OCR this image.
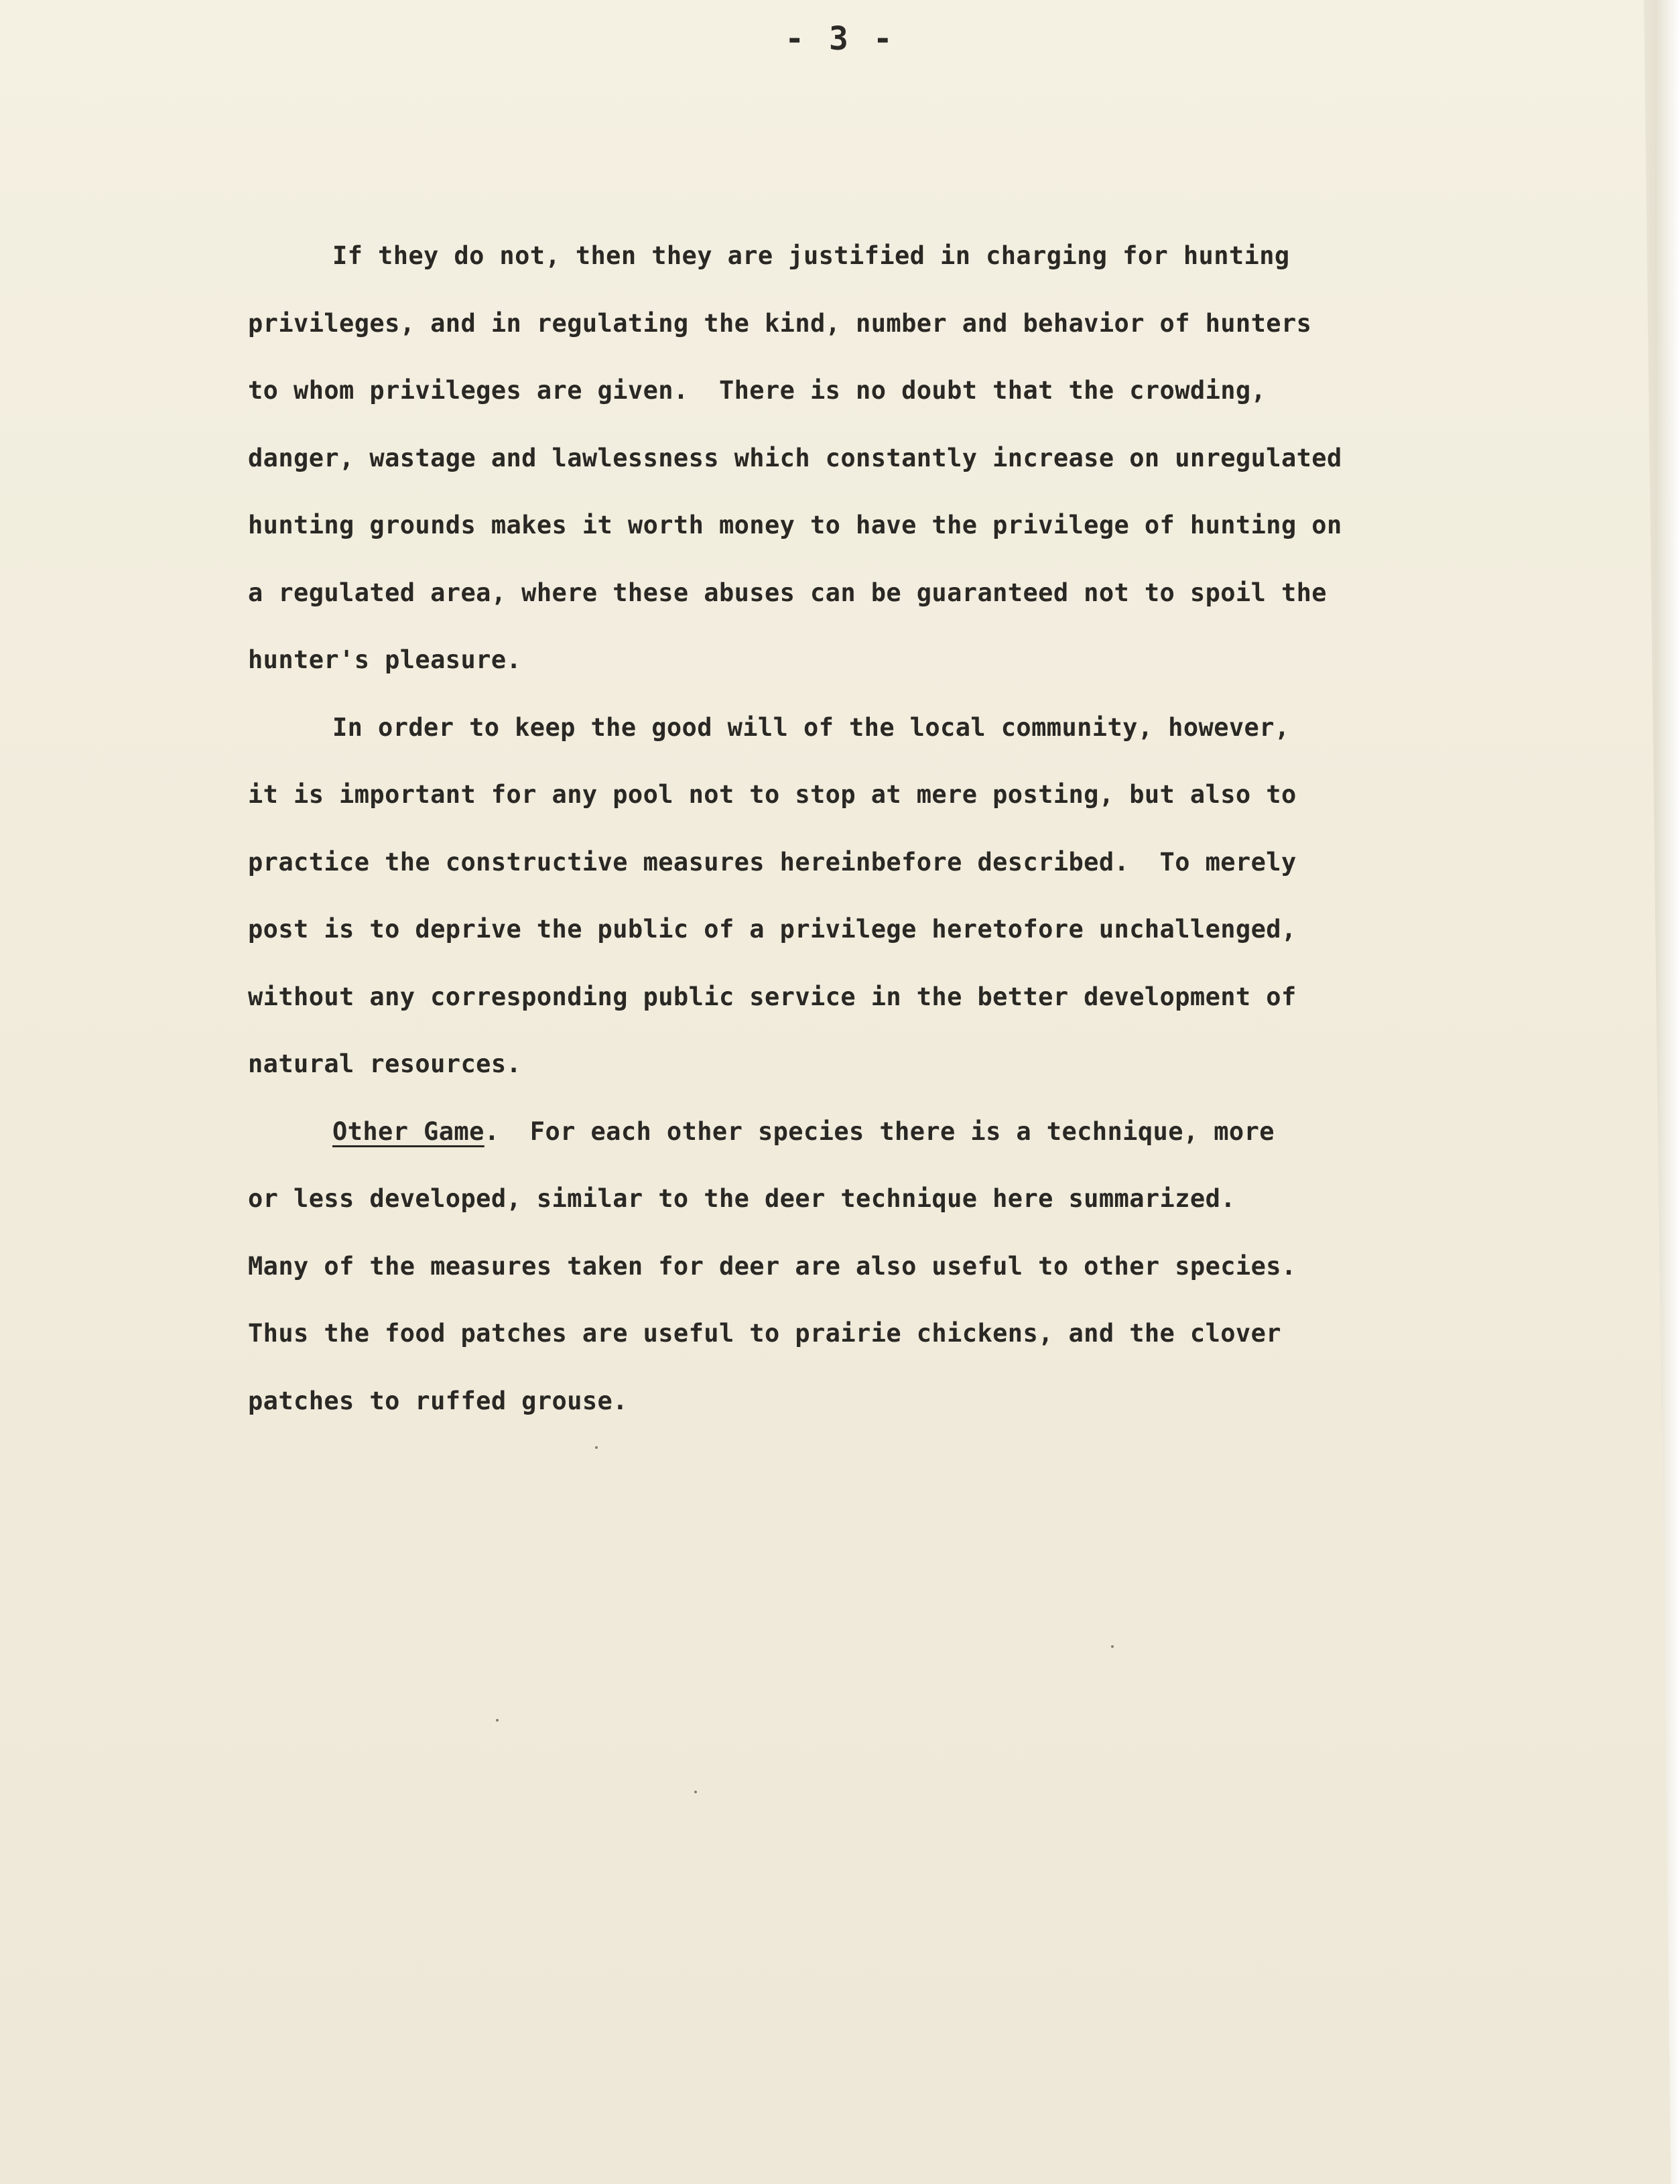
- 3 -
If they do not, then they are justified in charging for hunting
privileges, and in regulating the kind, number and behavior of hunters
to whom privileges are given.  There is no doubt that the crowding,
danger, wastage and lawlessness which constantly increase on unregulated
hunting grounds makes it worth money to have the privilege of hunting on
a regulated area, where these abuses can be guaranteed not to spoil the
hunter's pleasure.
In order to keep the good will of the local community, however,
it is important for any pool not to stop at mere posting, but also to
practice the constructive measures hereinbefore described.  To merely
post is to deprive the public of a privilege heretofore unchallenged,
without any corresponding public service in the better development of
natural resources.
Other Game.  For each other species there is a technique, more
or less developed, similar to the deer technique here summarized.
Many of the measures taken for deer are also useful to other species.
Thus the food patches are useful to prairie chickens, and the clover
patches to ruffed grouse.
